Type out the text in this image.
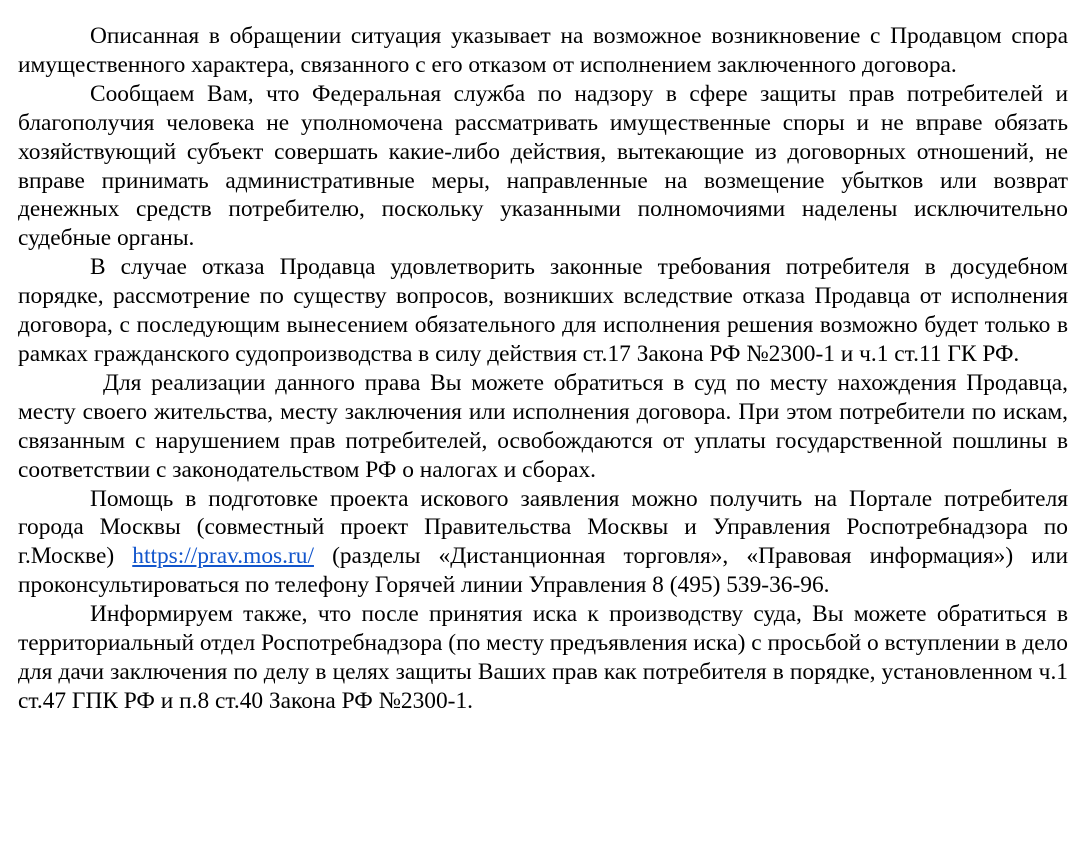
Описанная в обращении ситуация указывает на возможное возникновение с Продавцом спора имущественного характера, связанного с его отказом от исполнением заключенного договора.

Сообщаем Вам, что Федеральная служба по надзору в сфере защиты прав потребителей и благополучия человека не уполномочена рассматривать имущественные споры и не вправе обязать хозяйствующий субъект совершать какие-либо действия, вытекающие из договорных отношений, не вправе принимать административные меры, направленные на возмещение убытков или возврат денежных средств потребителю, поскольку указанными полномочиями наделены исключительно судебные органы.

В случае отказа Продавца удовлетворить законные требования потребителя в досудебном порядке, рассмотрение по существу вопросов, возникших вследствие отказа Продавца от исполнения договора, с последующим вынесением обязательного для исполнения решения возможно будет только в рамках гражданского судопроизводства в силу действия ст.17 Закона РФ №2300-1 и ч.1 ст.11 ГК РФ.

Для реализации данного права Вы можете обратиться в суд по месту нахождения Продавца, месту своего жительства, месту заключения или исполнения договора. При этом потребители по искам, связанным с нарушением прав потребителей, освобождаются от уплаты государственной пошлины в соответствии с законодательством РФ о налогах и сборах.

Помощь в подготовке проекта искового заявления можно получить на Портале потребителя города Москвы (совместный проект Правительства Москвы и Управления Роспотребнадзора по г.Москве) https://prav.mos.ru/ (разделы «Дистанционная торговля», «Правовая информация») или проконсультироваться по телефону Горячей линии Управления 8 (495) 539-36-96.

Информируем также, что после принятия иска к производству суда, Вы можете обратиться в территориальный отдел Роспотребнадзора (по месту предъявления иска) с просьбой о вступлении в дело для дачи заключения по делу в целях защиты Ваших прав как потребителя в порядке, установленном ч.1 ст.47 ГПК РФ и п.8 ст.40 Закона РФ №2300-1.
